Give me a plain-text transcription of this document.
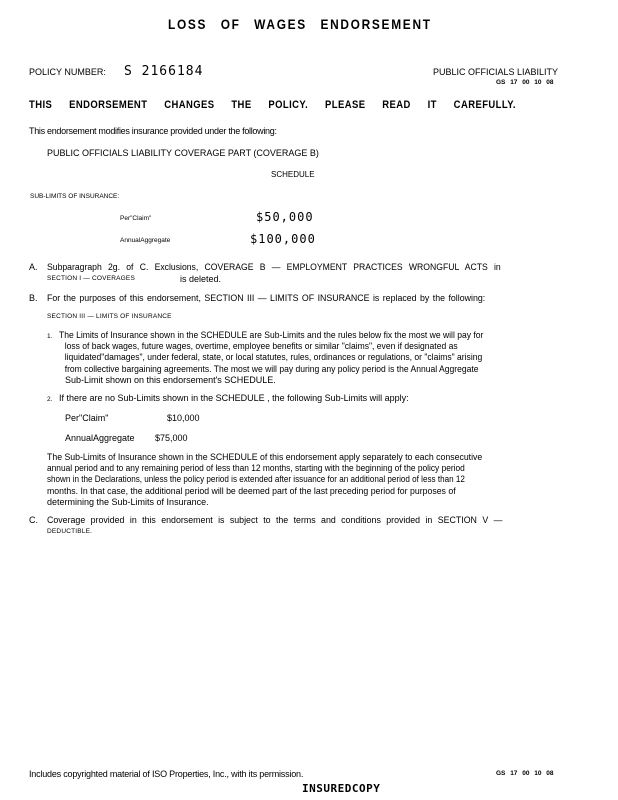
LOSS OF WAGES ENDORSEMENT
POLICY NUMBER: S 2166184	PUBLIC OFFICIALS LIABILITY
GS 17 00 10 08
THIS ENDORSEMENT CHANGES THE POLICY. PLEASE READ IT CAREFULLY.
This endorsement modifies insurance provided under the following:
PUBLIC OFFICIALS LIABILITY COVERAGE PART (COVERAGE B)
SCHEDULE
SUB-LIMITS OF INSURANCE:
Per"Claim"	$50,000
AnnualAggregate	$100,000
A. Subparagraph 2g. of C. Exclusions, COVERAGE B — EMPLOYMENT PRACTICES WRONGFUL ACTS in
SECTION I — COVERAGES	is deleted.
B. For the purposes of this endorsement, SECTION III — LIMITS OF INSURANCE is replaced by the following:
SECTION III — LIMITS OF INSURANCE
1. The Limits of Insurance shown in the SCHEDULE are Sub-Limits and the rules below fix the most we will pay for
loss of back wages, future wages, overtime, employee benefits or similar "claims", even if designated as
liquidated"damages", under federal, state, or local statutes, rules, ordinances or regulations, or "claims" arising
from collective bargaining agreements. The most we will pay during any policy period is the Annual Aggregate
Sub-Limit shown on this endorsement's SCHEDULE.
2. If there are no Sub-Limits shown in the SCHEDULE , the following Sub-Limits will apply:
Per"Claim"	$10,000
AnnualAggregate $75,000
The Sub-Limits of Insurance shown in the SCHEDULE of this endorsement apply separately to each consecutive
annual period and to any remaining period of less than 12 months, starting with the beginning of the policy period
shown in the Declarations, unless the policy period is extended after issuance for an additional period of less than 12
months. In that case, the additional period will be deemed part of the last preceding period for purposes of
determining the Sub-Limits of Insurance.
C. Coverage provided in this endorsement is subject to the terms and conditions provided in SECTION V —
DEDUCTIBLE.
Includes copyrighted material of ISO Properties, Inc., with its permission.	GS 17 00 10 08
INSUREDCOPY
